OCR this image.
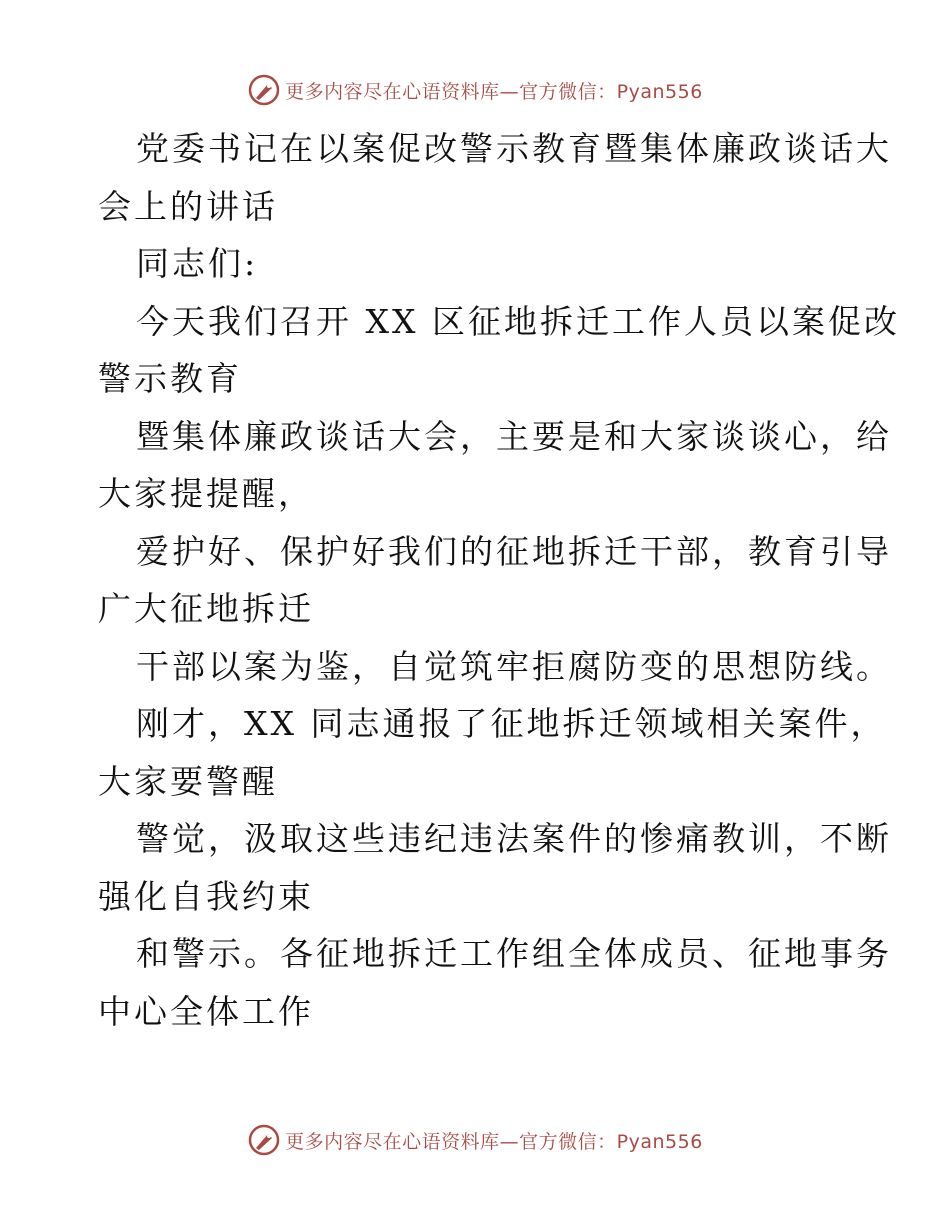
更多内容尽在心语资料库—官方微信：Pyan556
党委书记在以案促改警示教育暨集体廉政谈话大
会上的讲话
同志们:
今天我们召开 XX 区征地拆迁工作人员以案促改
警示教育
暨集体廉政谈话大会，主要是和大家谈谈心，给
大家提提醒，
爱护好、保护好我们的征地拆迁干部，教育引导
广大征地拆迁
干部以案为鉴，自觉筑牢拒腐防变的思想防线。
刚才，XX 同志通报了征地拆迁领域相关案件，
大家要警醒
警觉，汲取这些违纪违法案件的惨痛教训，不断
强化自我约束
和警示。各征地拆迁工作组全体成员、征地事务
中心全体工作
更多内容尽在心语资料库—官方微信：Pyan556
